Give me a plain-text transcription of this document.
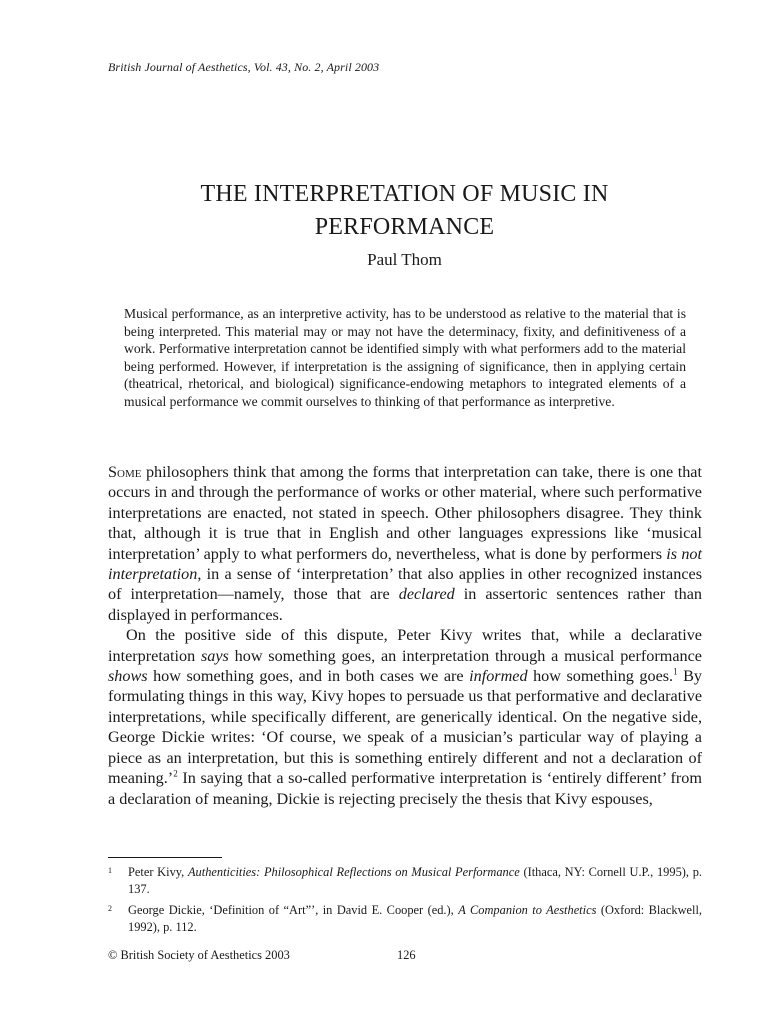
British Journal of Aesthetics, Vol. 43, No. 2, April 2003
THE INTERPRETATION OF MUSIC IN
PERFORMANCE
Paul Thom
Musical performance, as an interpretive activity, has to be understood as relative to the material that is being interpreted. This material may or may not have the determinacy, fixity, and definitiveness of a work. Performative interpretation cannot be identified simply with what performers add to the material being performed. However, if interpretation is the assigning of significance, then in applying certain (theatrical, rhetorical, and biological) significance-endowing metaphors to integrated elements of a musical performance we commit ourselves to thinking of that performance as interpretive.

Some philosophers think that among the forms that interpretation can take, there is one that occurs in and through the performance of works or other material, where such performative interpretations are enacted, not stated in speech. Other philosophers disagree. They think that, although it is true that in English and other languages expressions like ‘musical interpretation’ apply to what performers do, nevertheless, what is done by performers is not interpretation, in a sense of ‘interpretation’ that also applies in other recognized instances of interpretation—namely, those that are declared in assertoric sentences rather than displayed in performances.

On the positive side of this dispute, Peter Kivy writes that, while a declarative interpretation says how something goes, an interpretation through a musical performance shows how something goes, and in both cases we are informed how something goes.$^1$ By formulating things in this way, Kivy hopes to persuade us that performative and declarative interpretations, while specifically different, are generically identical. On the negative side, George Dickie writes: ‘Of course, we speak of a musician’s particular way of playing a piece as an interpretation, but this is something entirely different and not a declaration of meaning.’$^2$ In saying that a so-called performative interpretation is ‘entirely different’ from a declaration of meaning, Dickie is rejecting precisely the thesis that Kivy espouses,

1	Peter Kivy, Authenticities: Philosophical Reflections on Musical Performance (Ithaca, NY: Cornell U.P., 1995), p. 137.
2	George Dickie, ‘Definition of “Art”’, in David E. Cooper (ed.), A Companion to Aesthetics (Oxford: Blackwell, 1992), p. 112.
© British Society of Aesthetics 2003	126
